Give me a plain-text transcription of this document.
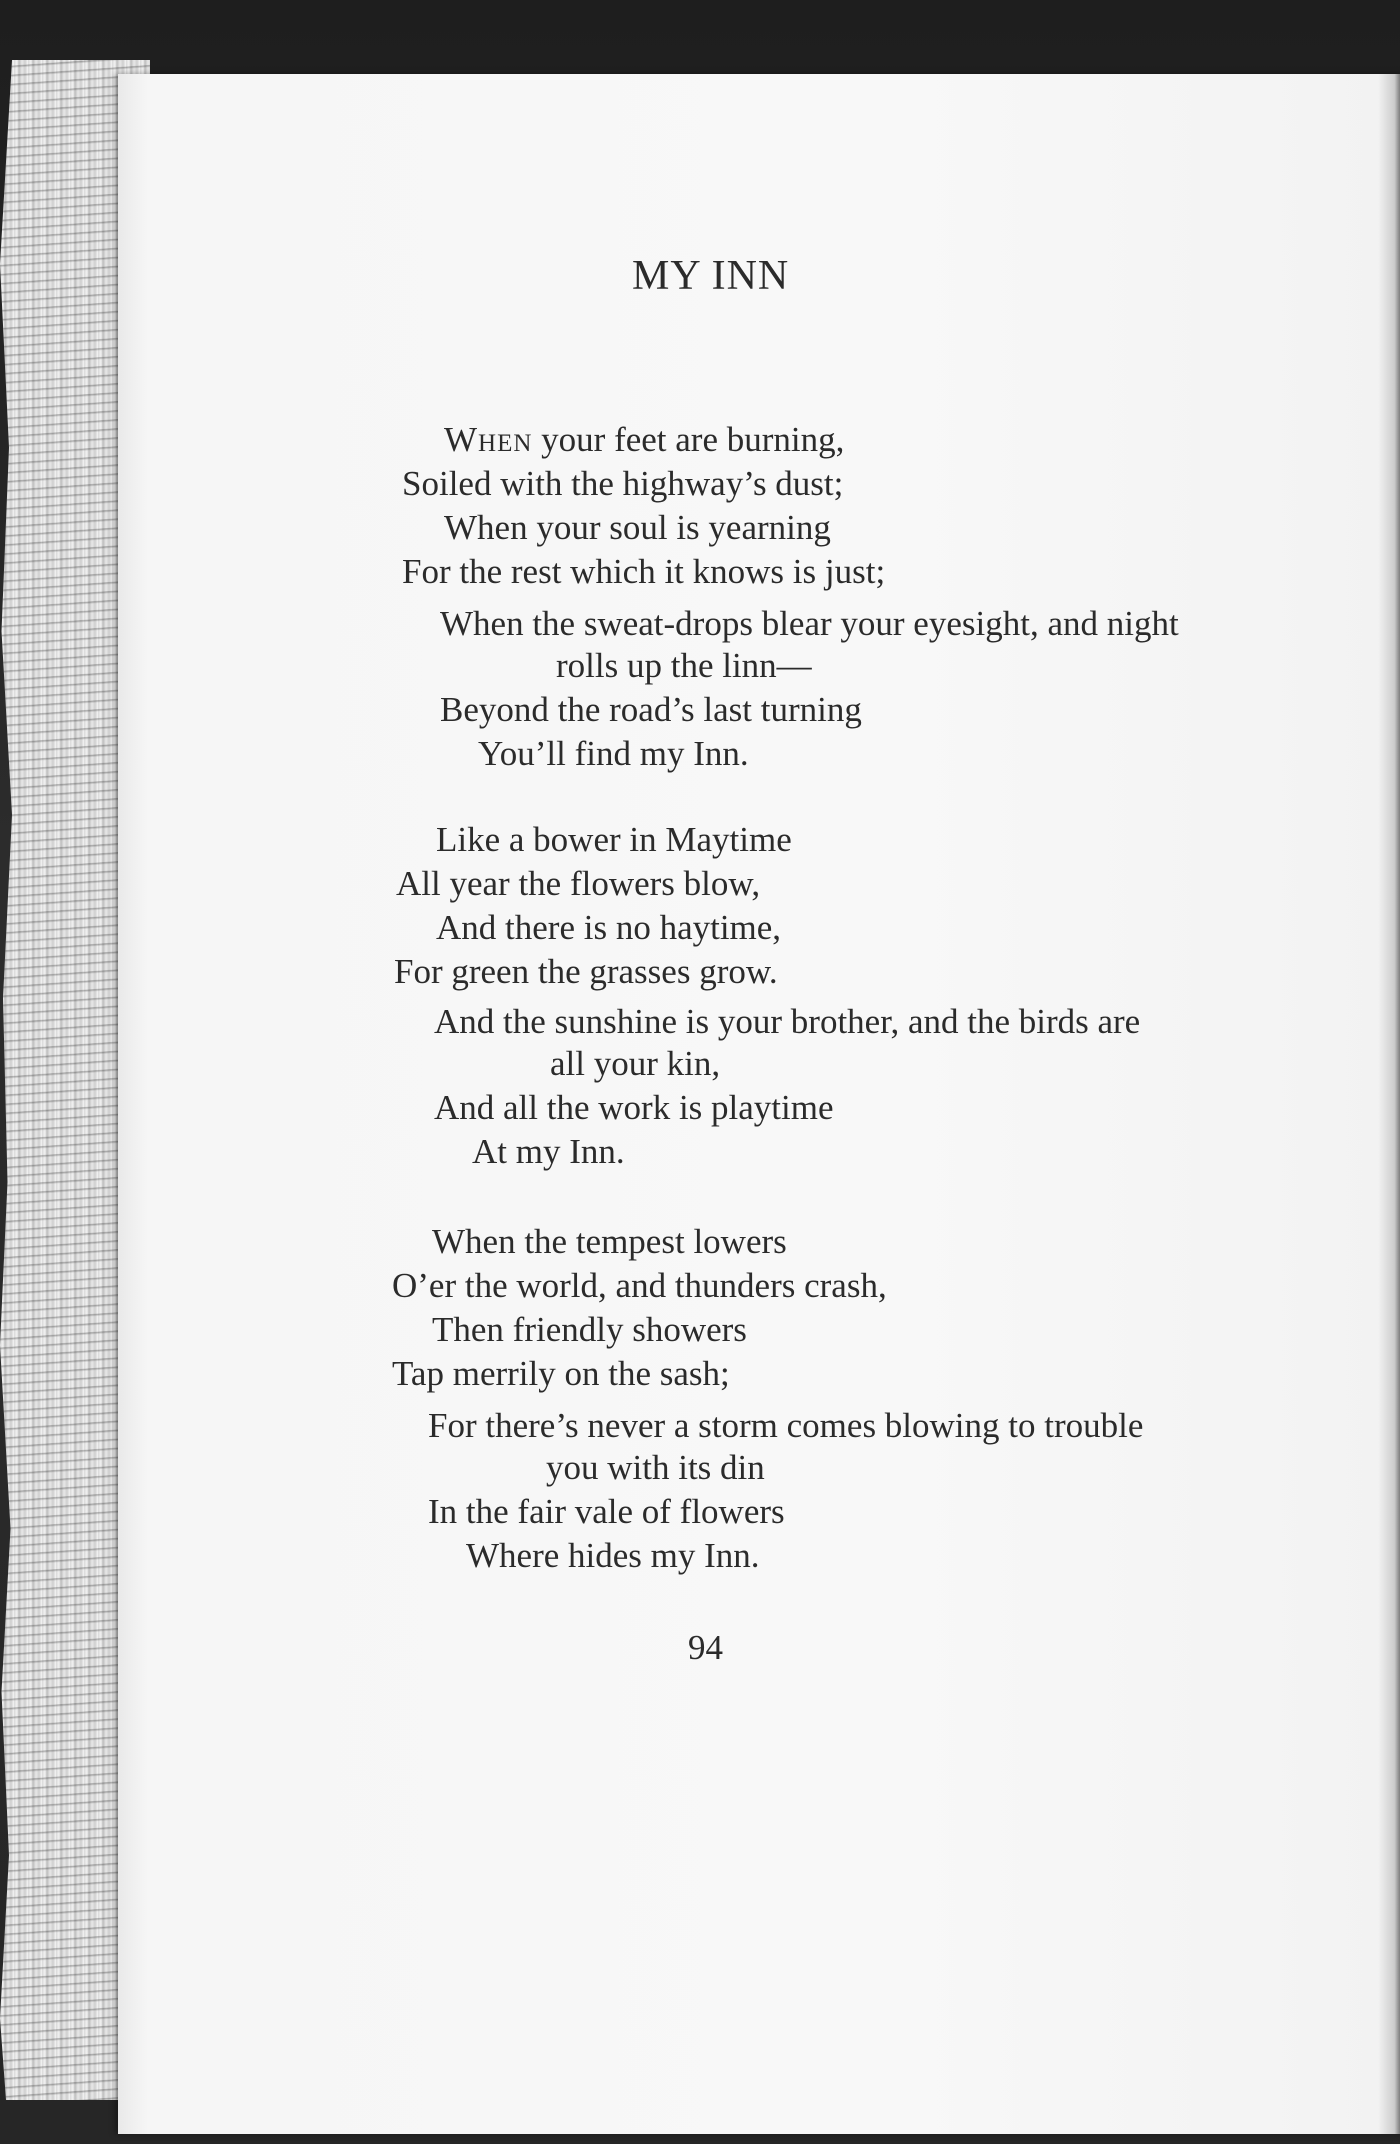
MY INN
When your feet are burning,
Soiled with the highway’s dust;
When your soul is yearning
For the rest which it knows is just;
When the sweat-drops blear your eyesight, and night
rolls up the linn—
Beyond the road’s last turning
You’ll find my Inn.
Like a bower in Maytime
All year the flowers blow,
And there is no haytime,
For green the grasses grow.
And the sunshine is your brother, and the birds are
all your kin,
And all the work is playtime
At my Inn.
When the tempest lowers
O’er the world, and thunders crash,
Then friendly showers
Tap merrily on the sash;
For there’s never a storm comes blowing to trouble
you with its din
In the fair vale of flowers
Where hides my Inn.
94
